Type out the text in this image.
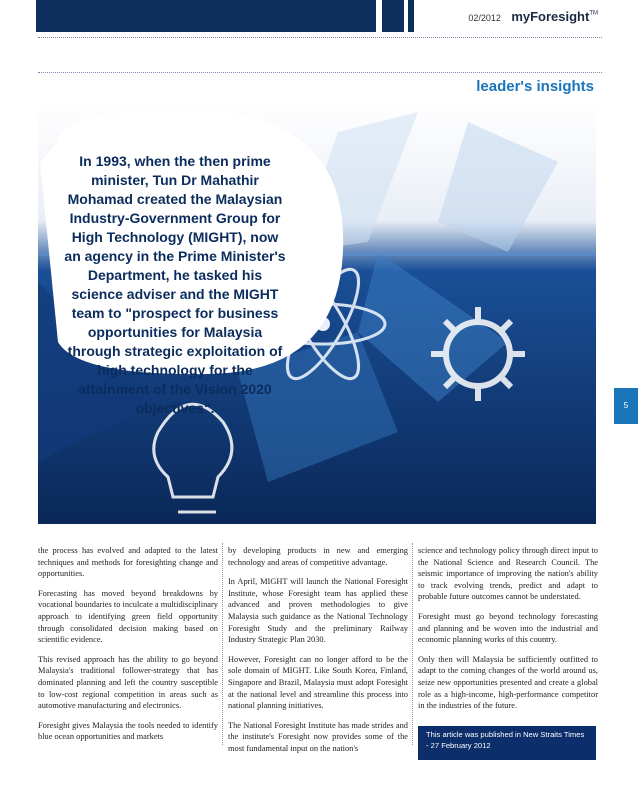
02/2012 myForesight™
leader's insights
In 1993, when the then prime minister, Tun Dr Mahathir Mohamad created the Malaysian Industry-Government Group for High Technology (MIGHT), now an agency in the Prime Minister's Department, he tasked his science adviser and the MIGHT team to "prospect for business opportunities for Malaysia through strategic exploitation of high technology for the attainment of the Vision 2020 objectives".	5

the process has evolved and adapted to the latest techniques and methods for foresighting change and opportunities.

Forecasting has moved beyond breakdowns by vocational boundaries to inculcate a multidisciplinary approach to identifying green field opportunity through consolidated decision making based on scientific evidence.

This revised approach has the ability to go beyond Malaysia's traditional follower-strategy that has dominated planning and left the country susceptible to low-cost regional competition in areas such as automotive manufacturing and electronics.

Foresight gives Malaysia the tools needed to identify blue ocean opportunities and markets

by developing products in new and emerging technology and areas of competitive advantage.

In April, MIGHT will launch the National Foresight Institute, whose Foresight team has applied these advanced and proven methodologies to give Malaysia such guidance as the National Technology Foresight Study and the preliminary Railway Industry Strategic Plan 2030.

However, Foresight can no longer afford to be the sole domain of MIGHT. Like South Korea, Finland, Singapore and Brazil, Malaysia must adopt Foresight at the national level and streamline this process into national planning initiatives.

The National Foresight Institute has made strides and the institute's Foresight now provides some of the most fundamental input on the nation's

science and technology policy through direct input to the National Science and Research Council. The seismic importance of improving the nation's ability to track evolving trends, predict and adapt to probable future outcomes cannot be understated.

Foresight must go beyond technology forecasting and planning and be woven into the industrial and economic planning works of this country.

Only then will Malaysia be sufficiently outfitted to adapt to the coming changes of the world around us, seize new opportunities presented and create a global role as a high-income, high-performance competitor in the industries of the future.

This article was published in New Straits Times
- 27 February 2012
